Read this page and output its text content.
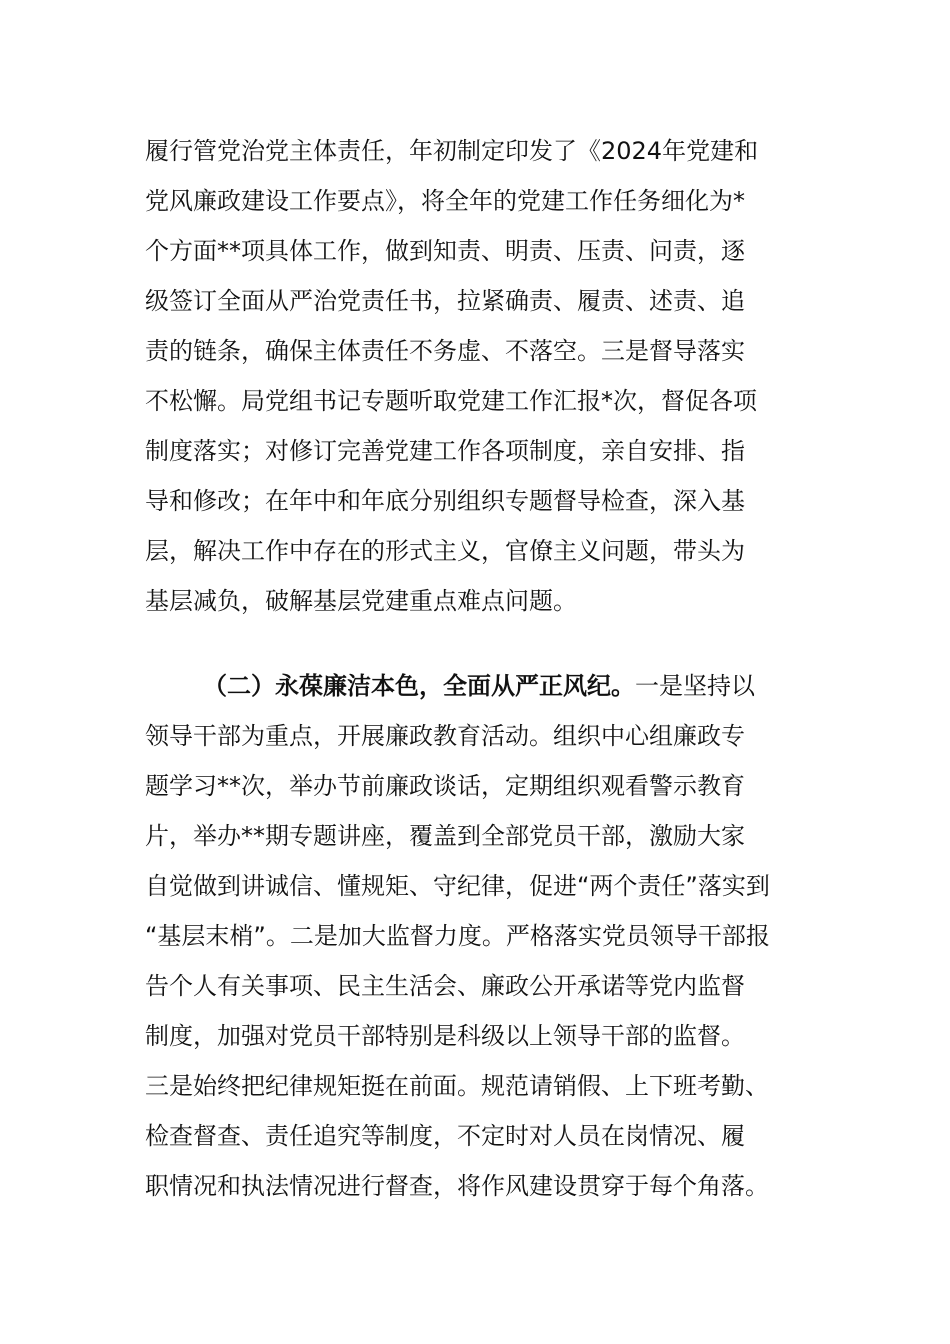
履行管党治党主体责任，年初制定印发了《2024年党建和
党风廉政建设工作要点》，将全年的党建工作任务细化为*
个方面**项具体工作，做到知责、明责、压责、问责，逐
级签订全面从严治党责任书，拉紧确责、履责、述责、追
责的链条，确保主体责任不务虚、不落空。三是督导落实
不松懈。局党组书记专题听取党建工作汇报*次，督促各项
制度落实；对修订完善党建工作各项制度，亲自安排、指
导和修改；在年中和年底分别组织专题督导检查，深入基
层，解决工作中存在的形式主义，官僚主义问题，带头为
基层减负，破解基层党建重点难点问题。
（二）永葆廉洁本色，全面从严正风纪。一是坚持以
领导干部为重点，开展廉政教育活动。组织中心组廉政专
题学习**次，举办节前廉政谈话，定期组织观看警示教育
片，举办**期专题讲座，覆盖到全部党员干部，激励大家
自觉做到讲诚信、懂规矩、守纪律，促进“两个责任”落实到
“基层末梢”。二是加大监督力度。严格落实党员领导干部报
告个人有关事项、民主生活会、廉政公开承诺等党内监督
制度，加强对党员干部特别是科级以上领导干部的监督。
三是始终把纪律规矩挺在前面。规范请销假、上下班考勤、
检查督查、责任追究等制度，不定时对人员在岗情况、履
职情况和执法情况进行督查，将作风建设贯穿于每个角落。
